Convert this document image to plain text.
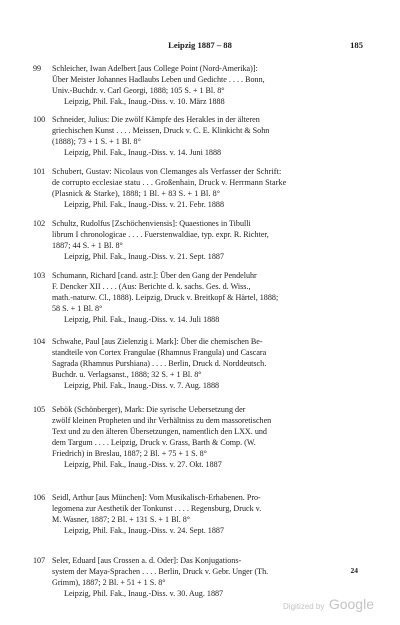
Leipzig 1887 – 88	185
99	Schleicher, Iwan Adelbert [aus College Point (Nord-Amerika)]:
Über Meister Johannes Hadlaubs Leben und Gedichte . . . . Bonn,
Univ.-Buchdr. v. Carl Georgi, 1888; 105 S. + 1 Bl. 8°
Leipzig, Phil. Fak., Inaug.-Diss. v. 10. März 1888
100 Schneider, Julius: Die zwölf Kämpfe des Herakles in der älteren
griechischen Kunst . . . . Meissen, Druck v. C. E. Klinkicht & Sohn
(1888); 73 + 1 S. + 1 Bl. 8°
Leipzig, Phil. Fak., Inaug.-Diss. v. 14. Juni 1888
101 Schubert, Gustav: Nicolaus von Clemanges als Verfasser der Schrift:
de corrupto ecclesiae statu . . . Großenhain, Druck v. Herrmann Starke
(Plasnick & Starke), 1888; 1 Bl. + 83 S. + 1 Bl. 8°
Leipzig, Phil. Fak., Inaug.-Diss. v. 21. Febr. 1888
102 Schultz, Rudolfus [Zschöchenviensis]: Quaestiones in Tibulli
librum I chronologicae . . . . Fuerstenwaldiae, typ. expr. R. Richter,
1887; 44 S. + 1 Bl. 8°
Leipzig, Phil. Fak., Inaug.-Diss. v. 21. Sept. 1887
103 Schumann, Richard [cand. astr.]: Über den Gang der Pendeluhr
F. Dencker XII . . . . (Aus: Berichte d. k. sachs. Ges. d. Wiss.,
math.-naturw. Cl., 1888). Leipzig, Druck v. Breitkopf & Härtel, 1888;
58 S. + 1 Bl. 8°
Leipzig, Phil. Fak., Inaug.-Diss. v. 14. Juli 1888
104 Schwahe, Paul [aus Zielenzig i. Mark]: Über die chemischen Be-
standteile von Cortex Frangulae (Rhamnus Frangula) und Cascara
Sagrada (Rhamnus Purshiana) . . . . Berlin, Druck d. Norddeutsch.
Buchdr. u. Verlagsanst., 1888; 32 S. + 1 Bl. 8°
Leipzig, Phil. Fak., Inaug.-Diss. v. 7. Aug. 1888
105 Sebök (Schönberger), Mark: Die syrische Uebersetzung der
zwölf kleinen Propheten und ihr Verhältniss zu dem massoretischen
Text und zu den älteren Übersetzungen, namentlich den LXX. und
dem Targum . . . . Leipzig, Druck v. Grass, Barth & Comp. (W.
Friedrich) in Breslau, 1887; 2 Bl. + 75 + 1 S. 8°
Leipzig, Phil. Fak., Inaug.-Diss. v. 27. Okt. 1887
106 Seidl, Arthur [aus München]: Vom Musikalisch-Erhabenen. Pro-
legomena zur Aesthetik der Tonkunst . . . . Regensburg, Druck v.
M. Wasner, 1887; 2 Bl. + 131 S. + 1 Bl. 8°
Leipzig, Phil. Fak., Inaug.-Diss. v. 24. Sept. 1887
107 Seler, Eduard [aus Crossen a. d. Oder]: Das Konjugations-
system der Maya-Sprachen . . . . Berlin, Druck v. Gebr. Unger (Th.
Grimm), 1887; 2 Bl. + 51 + 1 S. 8°
Leipzig, Phil. Fak., Inaug.-Diss. v. 30. Aug. 1887
24
Digitized by Google
